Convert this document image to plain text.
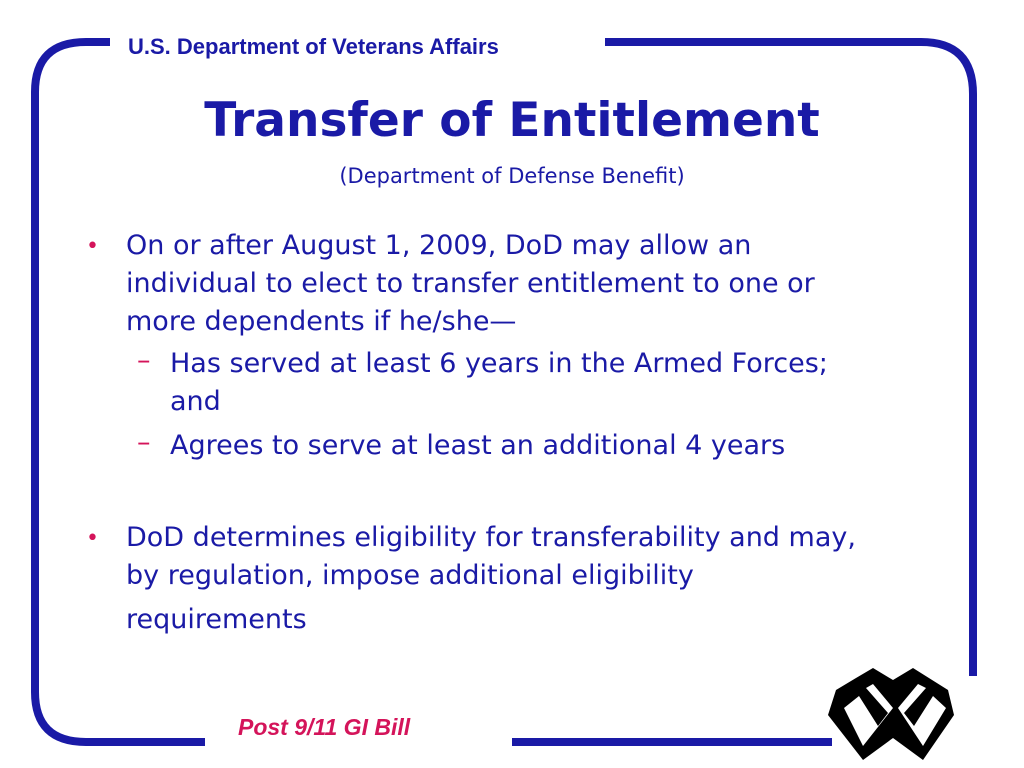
U.S. Department of Veterans Affairs
Transfer of Entitlement
(Department of Defense Benefit)
• On or after August 1, 2009, DoD may allow an
individual to elect to transfer entitlement to one or
more dependents if he/she—
– Has served at least 6 years in the Armed Forces;
and
– Agrees to serve at least an additional 4 years
• DoD determines eligibility for transferability and may,
by regulation, impose additional eligibility
requirements
Post 9/11 GI Bill
